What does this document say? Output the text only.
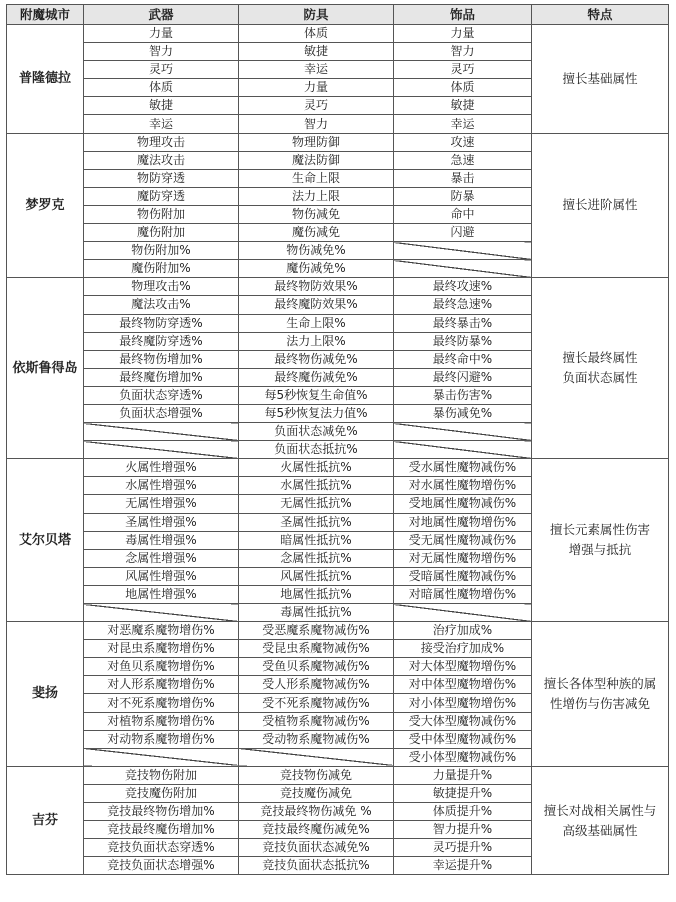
附魔城市	武器	防具	饰品	特点
普隆德拉	力量	体质	力量	擅长基础属性

	智力	敏捷	智力	
	灵巧	幸运	灵巧	
	体质	力量	体质	
	敏捷	灵巧	敏捷	
	幸运	智力	幸运	
梦罗克	物理攻击	物理防御	攻速	擅长进阶属性

	魔法攻击	魔法防御	急速	
	物防穿透	生命上限	暴击	
	魔防穿透	法力上限	防暴	
	物伤附加	物伤减免	命中	
	魔伤附加	魔伤减免	闪避	
	物伤附加%	物伤减免%		
	魔伤附加%	魔伤减免%		
依斯鲁得岛	物理攻击%	最终物防效果%	最终攻速%	擅长最终属性
负面状态属性

	魔法攻击%	最终魔防效果%	最终急速%	
	最终物防穿透%	生命上限%	最终暴击%	
	最终魔防穿透%	法力上限%	最终防暴%	
	最终物伤增加%	最终物伤减免%	最终命中%	
	最终魔伤增加%	最终魔伤减免%	最终闪避%	
	负面状态穿透%	每5秒恢复生命值%	暴击伤害%	
	负面状态增强%	每5秒恢复法力值%	暴伤减免%	
		负面状态减免%		
		负面状态抵抗%		
艾尔贝塔	火属性增强%	火属性抵抗%	受水属性魔物减伤%	擅长元素属性伤害
增强与抵抗

	水属性增强%	水属性抵抗%	对水属性魔物增伤%	
	无属性增强%	无属性抵抗%	受地属性魔物减伤%	
	圣属性增强%	圣属性抵抗%	对地属性魔物增伤%	
	毒属性增强%	暗属性抵抗%	受无属性魔物减伤%	
	念属性增强%	念属性抵抗%	对无属性魔物增伤%	
	风属性增强%	风属性抵抗%	受暗属性魔物减伤%	
	地属性增强%	地属性抵抗%	对暗属性魔物增伤%	
		毒属性抵抗%		
斐扬	对恶魔系魔物增伤%	受恶魔系魔物减伤%	治疗加成%	擅长各体型种族的属
性增伤与伤害减免

	对昆虫系魔物增伤%	受昆虫系魔物减伤%	接受治疗加成%	
	对鱼贝系魔物增伤%	受鱼贝系魔物减伤%	对大体型魔物增伤%	
	对人形系魔物增伤%	受人形系魔物减伤%	对中体型魔物增伤%	
	对不死系魔物增伤%	受不死系魔物减伤%	对小体型魔物增伤%	
	对植物系魔物增伤%	受植物系魔物减伤%	受大体型魔物减伤%	
	对动物系魔物增伤%	受动物系魔物减伤%	受中体型魔物减伤%	
			受小体型魔物减伤%	
吉芬	竞技物伤附加	竞技物伤减免	力量提升%	擅长对战相关属性与
高级基础属性

	竞技魔伤附加	竞技魔伤减免	敏捷提升%	
	竞技最终物伤增加%	竞技最终物伤减免 %	体质提升%	
	竞技最终魔伤增加%	竞技最终魔伤减免%	智力提升%	
	竞技负面状态穿透%	竞技负面状态减免%	灵巧提升%	
	竞技负面状态增强%	竞技负面状态抵抗%	幸运提升%	
